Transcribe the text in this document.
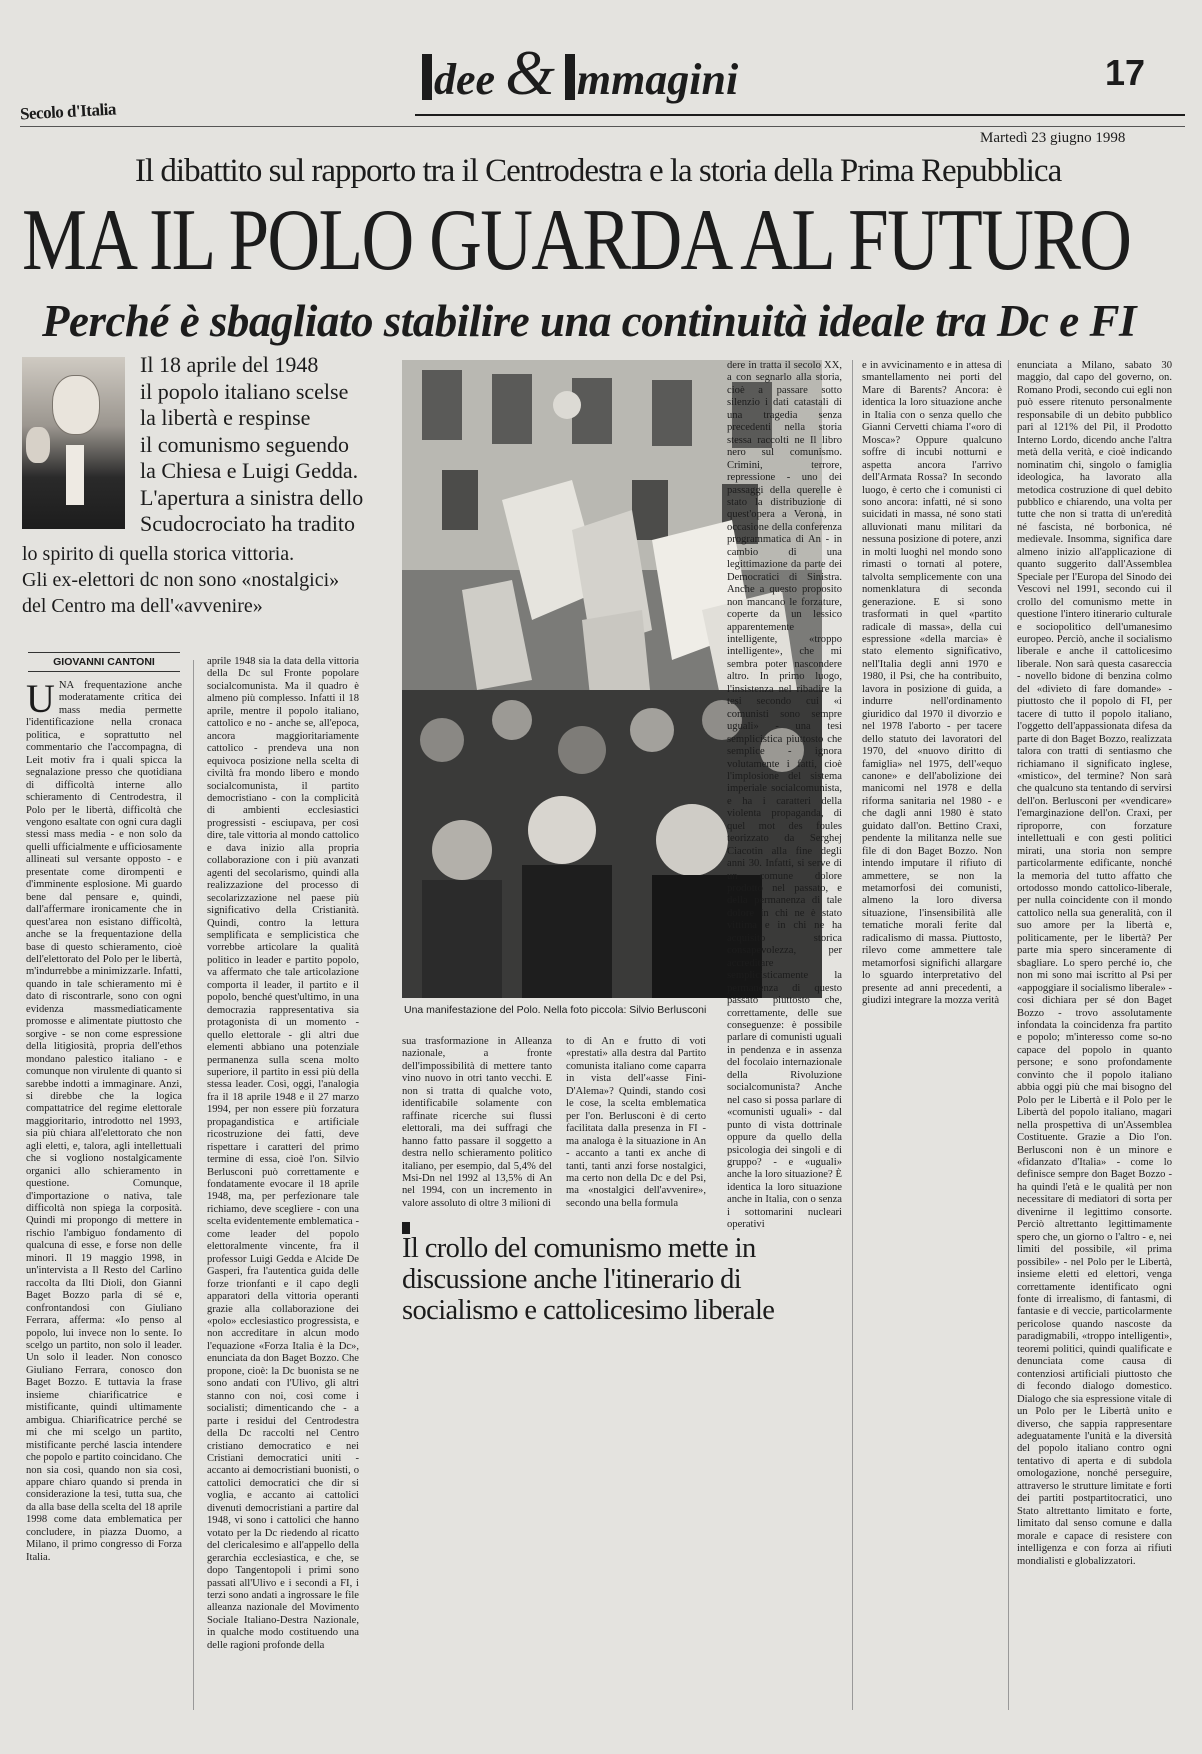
Secolo d'Italia
dee & mmagini	17
Martedì 23 giugno 1998
Il dibattito sul rapporto tra il Centrodestra e la storia della Prima Repubblica
MA IL POLO GUARDA AL FUTURO
Perché è sbagliato stabilire una continuità ideale tra Dc e FI

Il 18 aprile del 1948

il popolo italiano scelse

la libertà e respinse

il comunismo seguendo

la Chiesa e Luigi Gedda.

L'apertura a sinistra dello

Scudocrociato ha tradito

lo spirito di quella storica vittoria.

Gli ex-elettori dc non sono «nostalgici»

del Centro ma dell'«avvenire»

Una manifestazione del Polo. Nella foto piccola: Silvio Berlusconi
GIOVANNI CANTONI
UNA frequentazione anche moderatamente critica dei mass media permette l'identificazione nella cronaca politica, e soprattutto nel commentario che l'accompagna, di Leit motiv fra i quali spicca la segnalazione presso che quotidiana di difficoltà interne allo schieramento di Centrodestra, il Polo per le libertà, difficoltà che vengono esaltate con ogni cura dagli stessi mass media - e non solo da quelli ufficialmente e ufficiosamente allineati sul versante opposto - e presentate come dirompenti e d'imminente esplosione. Mi guardo bene dal pensare e, quindi, dall'affermare ironicamente che in quest'area non esistano difficoltà, anche se la frequentazione della base di questo schieramento, cioè dell'elettorato del Polo per le libertà, m'indurrebbe a minimizzarle. Infatti, quando in tale schieramento mi è dato di riscontrarle, sono con ogni evidenza massmediaticamente promosse e alimentate piuttosto che sorgive - se non come espressione della litigiosità, propria dell'ethos mondano palestico italiano - e comunque non virulente di quanto si sarebbe indotti a immaginare. Anzi, si direbbe che la logica compattatrice del regime elettorale maggioritario, introdotto nel 1993, sia più chiara all'elettorato che non agli eletti, e, talora, agli intellettuali che si vogliono nostalgicamente organici allo schieramento in questione. Comunque, d'importazione o nativa, tale difficoltà non spiega la corposità. Quindi mi propongo di mettere in rischio l'ambiguo fondamento di qualcuna di esse, e forse non delle minori. Il 19 maggio 1998, in un'intervista a Il Resto del Carlino raccolta da Ilti Dioli, don Gianni Baget Bozzo parla di sé e, confrontandosi con Giuliano Ferrara, afferma: «Io penso al popolo, lui invece non lo sente. Io scelgo un partito, non solo il leader. Un solo il leader. Non conosco Giuliano Ferrara, conosco don Baget Bozzo. E tuttavia la frase insieme chiarificatrice e mistificante, quindi ultimamente ambigua. Chiarificatrice perché se mi che mi scelgo un partito, mistificante perché lascia intendere che popolo e partito coincidano. Che non sia così, quando non sia così, appare chiaro quando si prenda in considerazione la tesi, tutta sua, che da alla base della scelta del 18 aprile 1998 come data emblematica per concludere, in piazza Duomo, a Milano, il primo congresso di Forza Italia.
aprile 1948 sia la data della vittoria della Dc sul Fronte popolare socialcomunista. Ma il quadro è almeno più complesso. Infatti il 18 aprile, mentre il popolo italiano, cattolico e no - anche se, all'epoca, ancora maggioritariamente cattolico - prendeva una non equivoca posizione nella scelta di civiltà fra mondo libero e mondo socialcomunista, il partito democristiano - con la complicità di ambienti ecclesiastici progressisti - esciupava, per così dire, tale vittoria al mondo cattolico e dava inizio alla propria collaborazione con i più avanzati agenti del secolarismo, quindi alla realizzazione del processo di secolarizzazione nel paese più significativo della Cristianità. Quindi, contro la lettura semplificata e semplicistica che vorrebbe articolare la qualità politico in leader e partito popolo, va affermato che tale articolazione comporta il leader, il partito e il popolo, benché quest'ultimo, in una democrazia rappresentativa sia protagonista di un momento - quello elettorale - gli altri due elementi abbiano una potenziale permanenza sulla scena molto superiore, il partito in essi più della stessa leader. Così, oggi, l'analogia fra il 18 aprile 1948 e il 27 marzo 1994, per non essere più forzatura propagandistica e artificiale ricostruzione dei fatti, deve rispettare i caratteri del primo termine di essa, cioè l'on. Silvio Berlusconi può correttamente e fondatamente evocare il 18 aprile 1948, ma, per perfezionare tale richiamo, deve scegliere - con una scelta evidentemente emblematica - come leader del popolo elettoralmente vincente, fra il professor Luigi Gedda e Alcide De Gasperi, fra l'autentica guida delle forze trionfanti e il capo degli apparatori della vittoria operanti grazie alla collaborazione dei «polo» ecclesiastico progressista, e non accreditare in alcun modo l'equazione «Forza Italia è la Dc», enunciata da don Baget Bozzo. Che propone, cioè: la Dc buonista se ne sono andati con l'Ulivo, gli altri stanno con noi, così come i socialisti; dimenticando che - a parte i residui del Centrodestra della Dc raccolti nel Centro cristiano democratico e nei Cristiani democratici uniti - accanto ai democristiani buonisti, o cattolici democratici che dir si voglia, e accanto ai cattolici divenuti democristiani a partire dal 1948, vi sono i cattolici che hanno votato per la Dc riedendo al ricatto del clericalesimo e all'appello della gerarchia ecclesiastica, e che, se dopo Tangentopoli i primi sono passati all'Ulivo e i secondi a FI, i terzi sono andati a ingrossare le file alleanza nazionale del Movimento Sociale Italiano-Destra Nazionale, in qualche modo costituendo una delle ragioni profonde della
sua trasformazione in Alleanza nazionale, a fronte dell'impossibilità di mettere tanto vino nuovo in otri tanto vecchi. E non si tratta di qualche voto, identificabile solamente con raffinate ricerche sui flussi elettorali, ma dei suffragi che hanno fatto passare il soggetto a destra nello schieramento politico italiano, per esempio, dal 5,4% del Msi-Dn nel 1992 al 13,5% di An nel 1994, con un incremento in valore assoluto di oltre 3 milioni di
to di An e frutto di voti «prestati» alla destra dal Partito comunista italiano come caparra in vista dell'«asse Fini-D'Alema»? Quindi, stando così le cose, la scelta emblematica per l'on. Berlusconi è di certo facilitata dalla presenza in FI - ma analoga è la situazione in An - accanto a tanti ex anche di tanti, tanti anzi forse nostalgici, ma certo non della Dc e del Psi, ma «nostalgici dell'avvenire», secondo una bella formula
dere in tratta il secolo XX, a con segnarlo alla storia, cioè a passare sotto silenzio i dati catastali di una tragedia senza precedenti nella storia stessa raccolti ne Il libro nero sul comunismo. Crimini, terrore, repressione - uno dei passaggi della querelle è stato la distribuzione di quest'opera a Verona, in occasione della conferenza programmatica di An - in cambio di una legittimazione da parte dei Democratici di Sinistra. Anche a questo proposito non mancano le forzature, coperte da un lessico apparentemente intelligente, «troppo intelligente», che mi sembra poter nascondere altro. In primo luogo, l'insistenza nel ribadire la tesi secondo cui «i comunisti sono sempre uguali» - una tesi semplicistica piuttosto che semplice - ignora volutamente i fatti, cioè l'implosione del sistema imperiale socialcomunista, e ha i caratteri della violenta propaganda, di quel mot des foules teorizzato da Serghej Ciacotin alla fine degli anni 30. Infatti, si serve di un comune dolore prodotto nel passato, e della permanenza di tale dolore in chi ne è stato vittima e in chi ne ha acquisito storica consapevolezza, per accreditare semplicisticamente la permanenza di questo passato piuttosto che, correttamente, delle sue conseguenze: è possibile parlare di comunisti uguali in pendenza e in assenza del focolaio internazionale della Rivoluzione socialcomunista? Anche nel caso si possa parlare di «comunisti uguali» - dal punto di vista dottrinale oppure da quello della psicologia dei singoli e di gruppo? - e «uguali» anche la loro situazione? È identica la loro situazione anche in Italia, con o senza i sottomarini nucleari operativi
e in avvicinamento e in attesa di smantellamento nei porti del Mare di Barents? Ancora: è identica la loro situazione anche in Italia con o senza quello che Gianni Cervetti chiama l'«oro di Mosca»? Oppure qualcuno soffre di incubi notturni e aspetta ancora l'arrivo dell'Armata Rossa? In secondo luogo, è certo che i comunisti ci sono ancora: infatti, né si sono suicidati in massa, né sono stati alluvionati manu militari da nessuna posizione di potere, anzi in molti luoghi nel mondo sono rimasti o tornati al potere, talvolta semplicemente con una nomenklatura di seconda generazione. E si sono trasformati in quel «partito radicale di massa», della cui espressione «della marcia» è stato elemento significativo, nell'Italia degli anni 1970 e 1980, il Psi, che ha contribuito, lavora in posizione di guida, a indurre nell'ordinamento giuridico dal 1970 il divorzio e nel 1978 l'aborto - per tacere dello statuto dei lavoratori del 1970, del «nuovo diritto di famiglia» nel 1975, dell'«equo canone» e dell'abolizione dei manicomi nel 1978 e della riforma sanitaria nel 1980 - e che dagli anni 1980 è stato guidato dall'on. Bettino Craxi, pendente la militanza nelle sue file di don Baget Bozzo. Non intendo imputare il rifiuto di ammettere, se non la metamorfosi dei comunisti, almeno la loro diversa situazione, l'insensibilità alle tematiche morali ferite dal radicalismo di massa. Piuttosto, rilevo come ammettere tale metamorfosi significhi allargare lo sguardo interpretativo del presente ad anni precedenti, a giudizi integrare la mozza verità
enunciata a Milano, sabato 30 maggio, dal capo del governo, on. Romano Prodi, secondo cui egli non può essere ritenuto personalmente responsabile di un debito pubblico pari al 121% del Pil, il Prodotto Interno Lordo, dicendo anche l'altra metà della verità, e cioè indicando nominatim chi, singolo o famiglia ideologica, ha lavorato alla metodica costruzione di quel debito pubblico e chiarendo, una volta per tutte che non si tratta di un'eredità né fascista, né borbonica, né medievale. Insomma, significa dare almeno inizio all'applicazione di quanto suggerito dall'Assemblea Speciale per l'Europa del Sinodo dei Vescovi nel 1991, secondo cui il crollo del comunismo mette in questione l'intero itinerario culturale e sociopolitico dell'umanesimo europeo. Perciò, anche il socialismo liberale e anche il cattolicesimo liberale. Non sarà questa casareccia - novello bidone di benzina colmo del «divieto di fare domande» - piuttosto che il popolo di FI, per tacere di tutto il popolo italiano, l'oggetto dell'appassionata difesa da parte di don Baget Bozzo, realizzata talora con tratti di sentiasmo che richiamano il significato inglese, «mistico», del termine? Non sarà che qualcuno sta tentando di servirsi dell'on. Berlusconi per «vendicare» l'emarginazione dell'on. Craxi, per riproporre, con forzature intellettuali e con gesti politici mirati, una storia non sempre particolarmente edificante, nonché la memoria del tutto affatto che ortodosso mondo cattolico-liberale, per nulla coincidente con il mondo cattolico nella sua generalità, con il suo amore per la libertà e, politicamente, per le libertà? Per parte mia spero sinceramente di sbagliare. Lo spero perché io, che non mi sono mai iscritto al Psi per «appoggiare il socialismo liberale» - così dichiara per sé don Baget Bozzo - trovo assolutamente infondata la coincidenza fra partito e popolo; m'interesso come so-no capace del popolo in quanto persone; e sono profondamente convinto che il popolo italiano abbia oggi più che mai bisogno del Polo per le Libertà e il Polo per le Libertà del popolo italiano, magari nella prospettiva di un'Assemblea Costituente. Grazie a Dio l'on. Berlusconi non è un minore e «fidanzato d'Italia» - come lo definisce sempre don Baget Bozzo - ha quindi l'età e le qualità per non necessitare di mediatori di sorta per divenirne il legittimo consorte. Perciò altrettanto legittimamente spero che, un giorno o l'altro - e, nei limiti del possibile, «il prima possibile» - nel Polo per le Libertà, insieme eletti ed elettori, venga correttamente identificato ogni fonte di irrealismo, di fantasmi, di fantasie e di veccie, particolarmente pericolose quando nascoste da paradigmabili, «troppo intelligenti», teoremi politici, quindi qualificate e denunciata come causa di contenziosi artificiali piuttosto che di fecondo dialogo domestico. Dialogo che sia espressione vitale di un Polo per le Libertà unito e diverso, che sappia rappresentare adeguatamente l'unità e la diversità del popolo italiano contro ogni tentativo di aperta e di subdola omologazione, nonché perseguire, attraverso le strutture limitate e forti dei partiti postpartitocratici, uno Stato altrettanto limitato e forte, limitato dal senso comune e dalla morale e capace di resistere con intelligenza e con forza ai rifiuti mondialisti e globalizzatori.
Il crollo del comunismo mette in discussione anche l'itinerario di socialismo e cattolicesimo liberale
